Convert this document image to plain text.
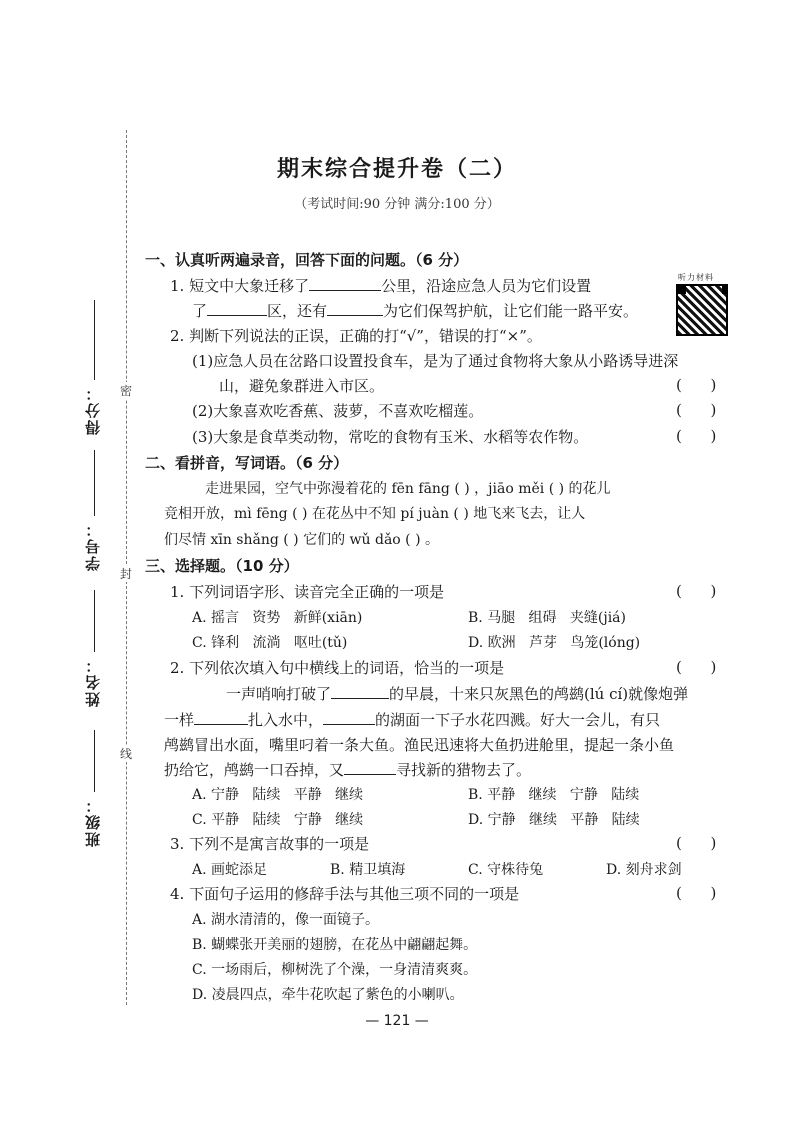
密
封
线
得分：
学号：
姓名：
班级：
期末综合提升卷（二）
（考试时间:90 分钟 满分:100 分）
听力材料
一、认真听两遍录音，回答下面的问题。（6 分）
1. 短文中大象迁移了	公里，沿途应急人员为它们设置
了	区，还有	为它们保驾护航，让它们能一路平安。
2. 判断下列说法的正误，正确的打“√”，错误的打“×”。
(1)应急人员在岔路口设置投食车，是为了通过食物将大象从小路诱导进深
山，避免象群进入市区。	(      )
(2)大象喜欢吃香蕉、菠萝，不喜欢吃榴莲。	(      )
(3)大象是食草类动物，常吃的食物有玉米、水稻等农作物。	(      )
二、看拼音，写词语。（6 分）
走进果园，空气中弥漫着花的 fēn fāng ( ) ，jiāo měi ( ) 的花儿
竞相开放，mì fēng ( ) 在花丛中不知 pí juàn ( ) 地飞来飞去，让人
们尽情 xīn shǎng ( ) 它们的 wǔ dǎo ( ) 。
三、选择题。（10 分）
1. 下列词语字形、读音完全正确的一项是	(      )
A. 摇言   资势   新鲜(xiān)	B. 马腿   组碍   夹缝(jiá)
C. 锋利   流淌   呕吐(tǔ)	D. 欧洲   芦芽   鸟笼(lóng)
2. 下列依次填入句中横线上的词语，恰当的一项是	(      )
一声哨响打破了	的早晨，十来只灰黑色的鸬鹚(lú cí)就像炮弹
一样	扎入水中，	的湖面一下子水花四溅。好大一会儿，有只
鸬鹚冒出水面，嘴里叼着一条大鱼。渔民迅速将大鱼扔进舱里，提起一条小鱼
扔给它，鸬鹚一口吞掉，又	寻找新的猎物去了。
A. 宁静   陆续   平静   继续	B. 平静   继续   宁静   陆续
C. 平静   陆续   宁静   继续	D. 宁静   继续   平静   陆续
3. 下列不是寓言故事的一项是	(      )
A. 画蛇添足	B. 精卫填海	C. 守株待兔	D. 刻舟求剑
4. 下面句子运用的修辞手法与其他三项不同的一项是	(      )
A. 湖水清清的，像一面镜子。
B. 蝴蝶张开美丽的翅膀，在花丛中翩翩起舞。
C. 一场雨后，柳树洗了个澡，一身清清爽爽。
D. 凌晨四点，牵牛花吹起了紫色的小喇叭。
— 121 —
